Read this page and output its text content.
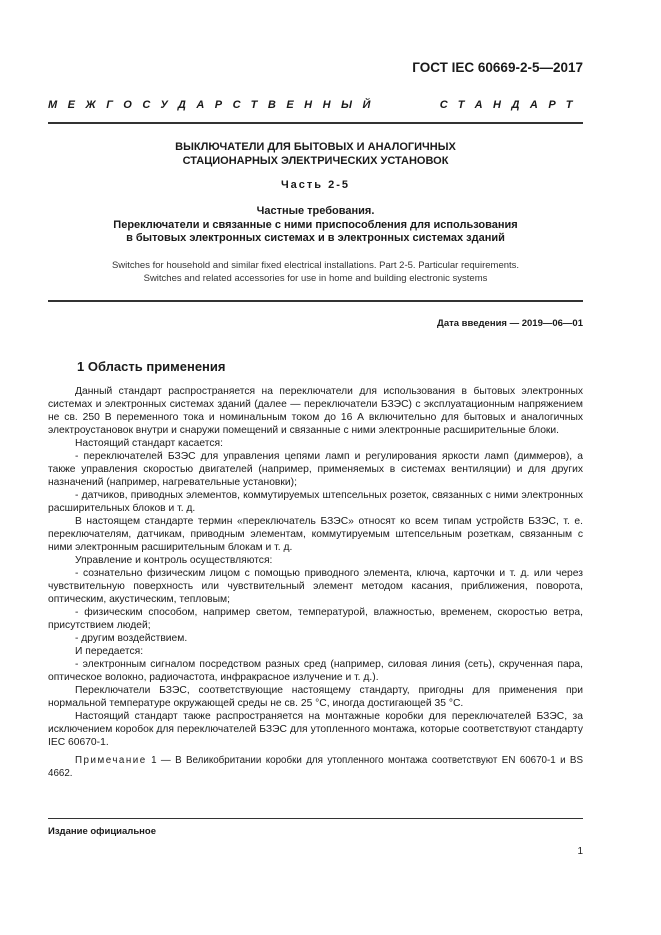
ГОСТ IEC 60669-2-5—2017
МЕЖГОСУДАРСТВЕННЫЙ	СТАНДАРТ
ВЫКЛЮЧАТЕЛИ ДЛЯ БЫТОВЫХ И АНАЛОГИЧНЫХ
СТАЦИОНАРНЫХ ЭЛЕКТРИЧЕСКИХ УСТАНОВОК
Часть 2-5
Частные требования.
Переключатели и связанные с ними приспособления для использования
в бытовых электронных системах и в электронных системах зданий
Switches for household and similar fixed electrical installations. Part 2-5. Particular requirements.
Switches and related accessories for use in home and building electronic systems
Дата введения — 2019—06—01
1 Область применения

Данный стандарт распространяется на переключатели для использования в бытовых электронных системах и электронных системах зданий (далее — переключатели БЗЭС) с эксплуатационным напряжением не св. 250 В переменного тока и номинальным током до 16 А включительно для бытовых и аналогичных электроустановок внутри и снаружи помещений и связанные с ними электронные расширительные блоки.

Настоящий стандарт касается:

- переключателей БЗЭС для управления цепями ламп и регулирования яркости ламп (диммеров), а также управления скоростью двигателей (например, применяемых в системах вентиляции) и для других назначений (например, нагревательные установки);

- датчиков, приводных элементов, коммутируемых штепсельных розеток, связанных с ними электронных расширительных блоков и т. д.

В настоящем стандарте термин «переключатель БЗЭС» относят ко всем типам устройств БЗЭС, т. е. переключателям, датчикам, приводным элементам, коммутируемым штепсельным розеткам, связанным с ними электронным расширительным блокам и т. д.

Управление и контроль осуществляются:

- сознательно физическим лицом с помощью приводного элемента, ключа, карточки и т. д. или через чувствительную поверхность или чувствительный элемент методом касания, приближения, поворота, оптическим, акустическим, тепловым;

- физическим способом, например светом, температурой, влажностью, временем, скоростью ветра, присутствием людей;

- другим воздействием.

И передается:

- электронным сигналом посредством разных сред (например, силовая линия (сеть), скрученная пара, оптическое волокно, радиочастота, инфракрасное излучение и т. д.).

Переключатели БЗЭС, соответствующие настоящему стандарту, пригодны для применения при нормальной температуре окружающей среды не св. 25 °С, иногда достигающей 35 °С.

Настоящий стандарт также распространяется на монтажные коробки для переключателей БЗЭС, за исключением коробок для переключателей БЗЭС для утопленного монтажа, которые соответствуют стандарту IEC 60670-1.

Примечание 1 — В Великобритании коробки для утопленного монтажа соответствуют EN 60670-1 и BS 4662.

Издание официальное
1
